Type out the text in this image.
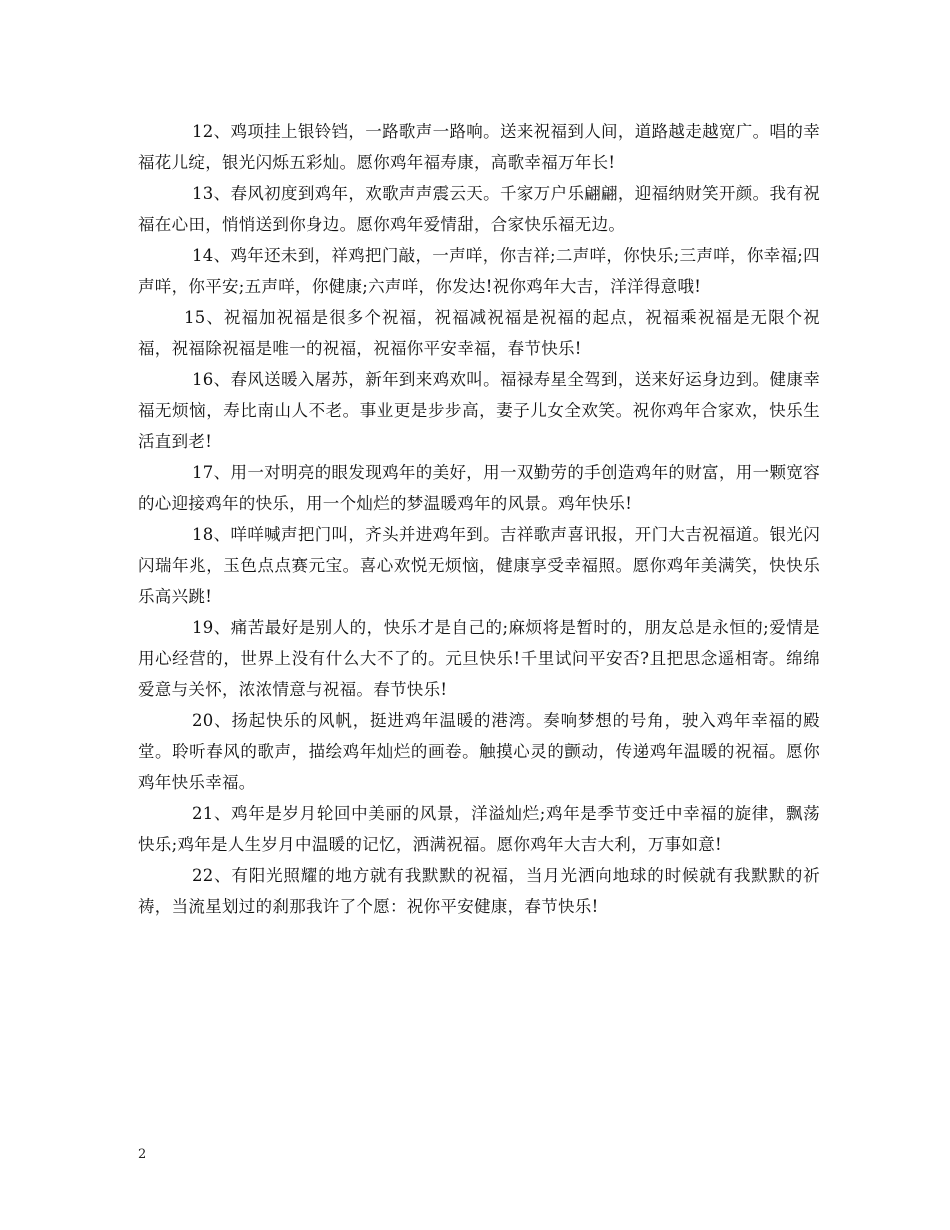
12、鸡项挂上银铃铛，一路歌声一路响。送来祝福到人间，道路越走越宽广。唱的幸福花儿绽，银光闪烁五彩灿。愿你鸡年福寿康，高歌幸福万年长!

13、春风初度到鸡年，欢歌声声震云天。千家万户乐翩翩，迎福纳财笑开颜。我有祝福在心田，悄悄送到你身边。愿你鸡年爱情甜，合家快乐福无边。

14、鸡年还未到，祥鸡把门敲，一声咩，你吉祥;二声咩，你快乐;三声咩，你幸福;四声咩，你平安;五声咩，你健康;六声咩，你发达!祝你鸡年大吉，洋洋得意哦!

15、祝福加祝福是很多个祝福，祝福减祝福是祝福的起点，祝福乘祝福是无限个祝福，祝福除祝福是唯一的祝福，祝福你平安幸福，春节快乐!

16、春风送暖入屠苏，新年到来鸡欢叫。福禄寿星全驾到，送来好运身边到。健康幸福无烦恼，寿比南山人不老。事业更是步步高，妻子儿女全欢笑。祝你鸡年合家欢，快乐生活直到老!

17、用一对明亮的眼发现鸡年的美好，用一双勤劳的手创造鸡年的财富，用一颗宽容的心迎接鸡年的快乐，用一个灿烂的梦温暖鸡年的风景。鸡年快乐!

18、咩咩喊声把门叫，齐头并进鸡年到。吉祥歌声喜讯报，开门大吉祝福道。银光闪闪瑞年兆，玉色点点赛元宝。喜心欢悦无烦恼，健康享受幸福照。愿你鸡年美满笑，快快乐乐高兴跳!

19、痛苦最好是别人的，快乐才是自己的;麻烦将是暂时的，朋友总是永恒的;爱情是用心经营的，世界上没有什么大不了的。元旦快乐!千里试问平安否?且把思念遥相寄。绵绵爱意与关怀，浓浓情意与祝福。春节快乐!

20、扬起快乐的风帆，挺进鸡年温暖的港湾。奏响梦想的号角，驶入鸡年幸福的殿堂。聆听春风的歌声，描绘鸡年灿烂的画卷。触摸心灵的颤动，传递鸡年温暖的祝福。愿你鸡年快乐幸福。

21、鸡年是岁月轮回中美丽的风景，洋溢灿烂;鸡年是季节变迁中幸福的旋律，飘荡快乐;鸡年是人生岁月中温暖的记忆，洒满祝福。愿你鸡年大吉大利，万事如意!

22、有阳光照耀的地方就有我默默的祝福，当月光洒向地球的时候就有我默默的祈祷，当流星划过的刹那我许了个愿：祝你平安健康，春节快乐!

2
